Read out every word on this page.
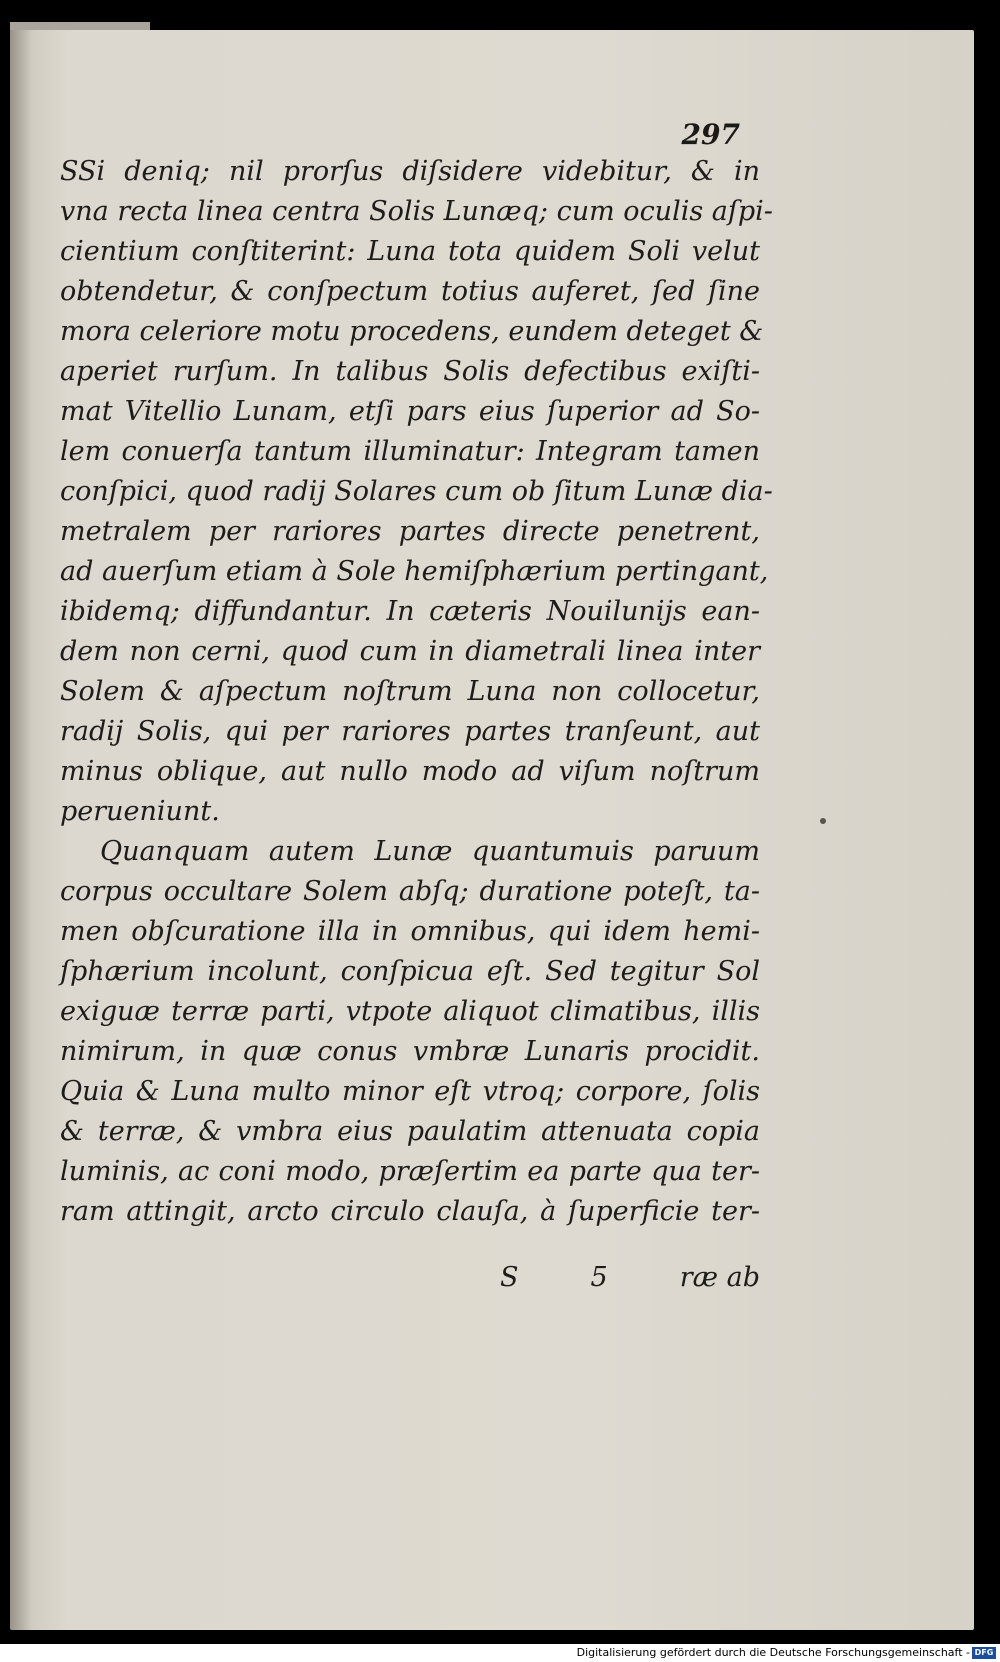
297
SSi deniq; nil prorſus diſsidere videbitur, & in
vna recta linea centra Solis Lunæq; cum oculis aſpi-
cientium conſtiterint: Luna tota quidem Soli velut
obtendetur, & conſpectum totius auferet, ſed ſine
mora celeriore motu procedens, eundem deteget &
aperiet rurſum. In talibus Solis defectibus exiſti-
mat Vitellio Lunam, etſi pars eius ſuperior ad So-
lem conuerſa tantum illuminatur: Integram tamen
conſpici, quod radij Solares cum ob ſitum Lunæ dia-
metralem per rariores partes directe penetrent,
ad auerſum etiam à Sole hemiſphærium pertingant,
ibidemq; diffundantur. In cæteris Nouilunijs ean-
dem non cerni, quod cum in diametrali linea inter
Solem & aſpectum noſtrum Luna non collocetur,
radij Solis, qui per rariores partes tranſeunt, aut
minus oblique, aut nullo modo ad viſum noſtrum
perueniunt.
Quanquam autem Lunæ quantumuis paruum
corpus occultare Solem abſq; duratione poteſt, ta-
men obſcuratione illa in omnibus, qui idem hemi-
ſphærium incolunt, conſpicua eſt. Sed tegitur Sol
exiguæ terræ parti, vtpote aliquot climatibus, illis
nimirum, in quæ conus vmbræ Lunaris procidit.
Quia & Luna multo minor eſt vtroq; corpore, ſolis
& terræ, & vmbra eius paulatim attenuata copia
luminis, ac coni modo, præſertim ea parte qua ter-
ram attingit, arcto circulo clauſa, à ſuperficie ter-
S	5	ræ ab
Digitalisierung gefördert durch die Deutsche Forschungsgemeinschaft - DFG
